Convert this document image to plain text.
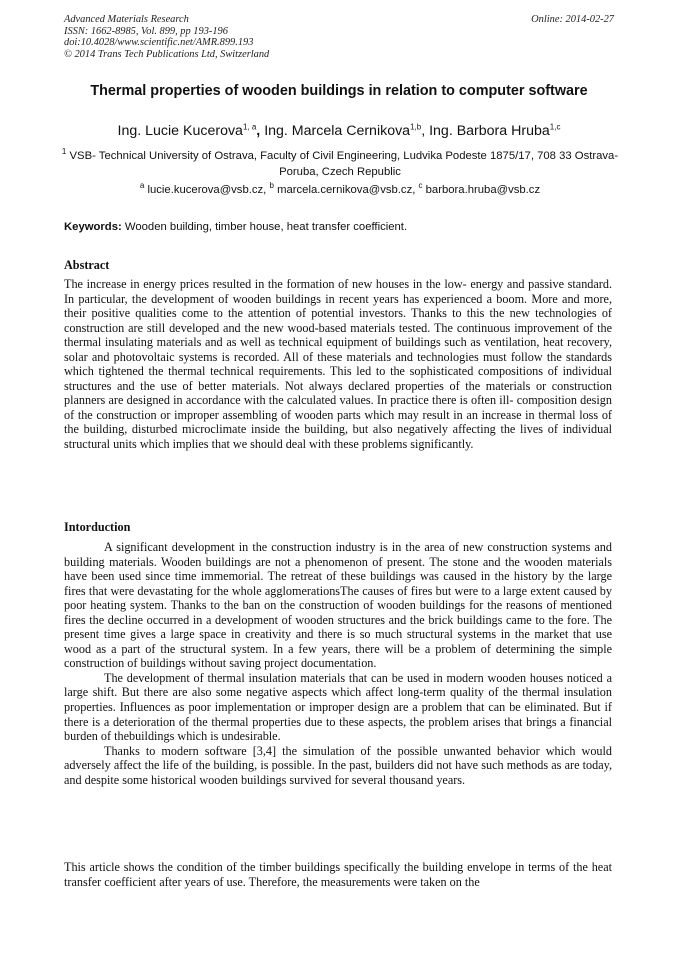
Advanced Materials Research
ISSN: 1662-8985, Vol. 899, pp 193-196
doi:10.4028/www.scientific.net/AMR.899.193
© 2014 Trans Tech Publications Ltd, Switzerland
Online: 2014-02-27
Thermal properties of wooden buildings in relation to computer software
Ing. Lucie Kucerova$^{1, a}$, Ing. Marcela Cernikova$^{1,b}$, Ing. Barbora Hruba$^{1,c}$
$^1$ VSB- Technical University of Ostrava, Faculty of Civil Engineering, Ludvika Podeste 1875/17, 708 33 Ostrava- Poruba, Czech Republic
$^a$ lucie.kucerova@vsb.cz, $^b$ marcela.cernikova@vsb.cz, $^c$ barbora.hruba@vsb.cz
Keywords: Wooden building, timber house, heat transfer coefficient.
Abstract

The increase in energy prices resulted in the formation of new houses in the low- energy and passive standard. In particular, the development of wooden buildings in recent years has experienced a boom. More and more, their positive qualities come to the attention of potential investors. Thanks to this the new technologies of construction are still developed and the new wood-based materials tested. The continuous improvement of the thermal insulating materials and as well as technical equipment of buildings such as ventilation, heat recovery, solar and photovoltaic systems is recorded. All of these materials and technologies must follow the standards which tightened the thermal technical requirements. This led to the sophisticated compositions of individual structures and the use of better materials. Not always declared properties of the materials or construction planners are designed in accordance with the calculated values. In practice there is often ill- composition design of the construction or improper assembling of wooden parts which may result in an increase in thermal loss of the building, disturbed microclimate inside the building, but also negatively affecting the lives of individual structural units which implies that we should deal with these problems significantly.

Intorduction

A significant development in the construction industry is in the area of new construction systems and building materials. Wooden buildings are not a phenomenon of present. The stone and the wooden materials have been used since time immemorial. The retreat of these buildings was caused in the history by the large fires that were devastating for the whole agglomerationsThe causes of fires but were to a large extent caused by poor heating system. Thanks to the ban on the construction of wooden buildings for the reasons of mentioned fires the decline occurred in a development of wooden structures and the brick buildings came to the fore. The present time gives a large space in creativity and there is so much structural systems in the market that use wood as a part of the structural system. In a few years, there will be a problem of determining the simple construction of buildings without saving project documentation.

The development of thermal insulation materials that can be used in modern wooden houses noticed a large shift. But there are also some negative aspects which affect long-term quality of the thermal insulation properties. Influences as poor implementation or improper design are a problem that can be eliminated. But if there is a deterioration of the thermal properties due to these aspects, the problem arises that brings a financial burden of thebuildings which is undesirable.

Thanks to modern software [3,4] the simulation of the possible unwanted behavior which would adversely affect the life of the building, is possible. In the past, builders did not have such methods as are today, and despite some historical wooden buildings survived for several thousand years.

This article shows the condition of the timber buildings specifically the building envelope in terms of the heat transfer coefficient after years of use. Therefore, the measurements were taken on the
